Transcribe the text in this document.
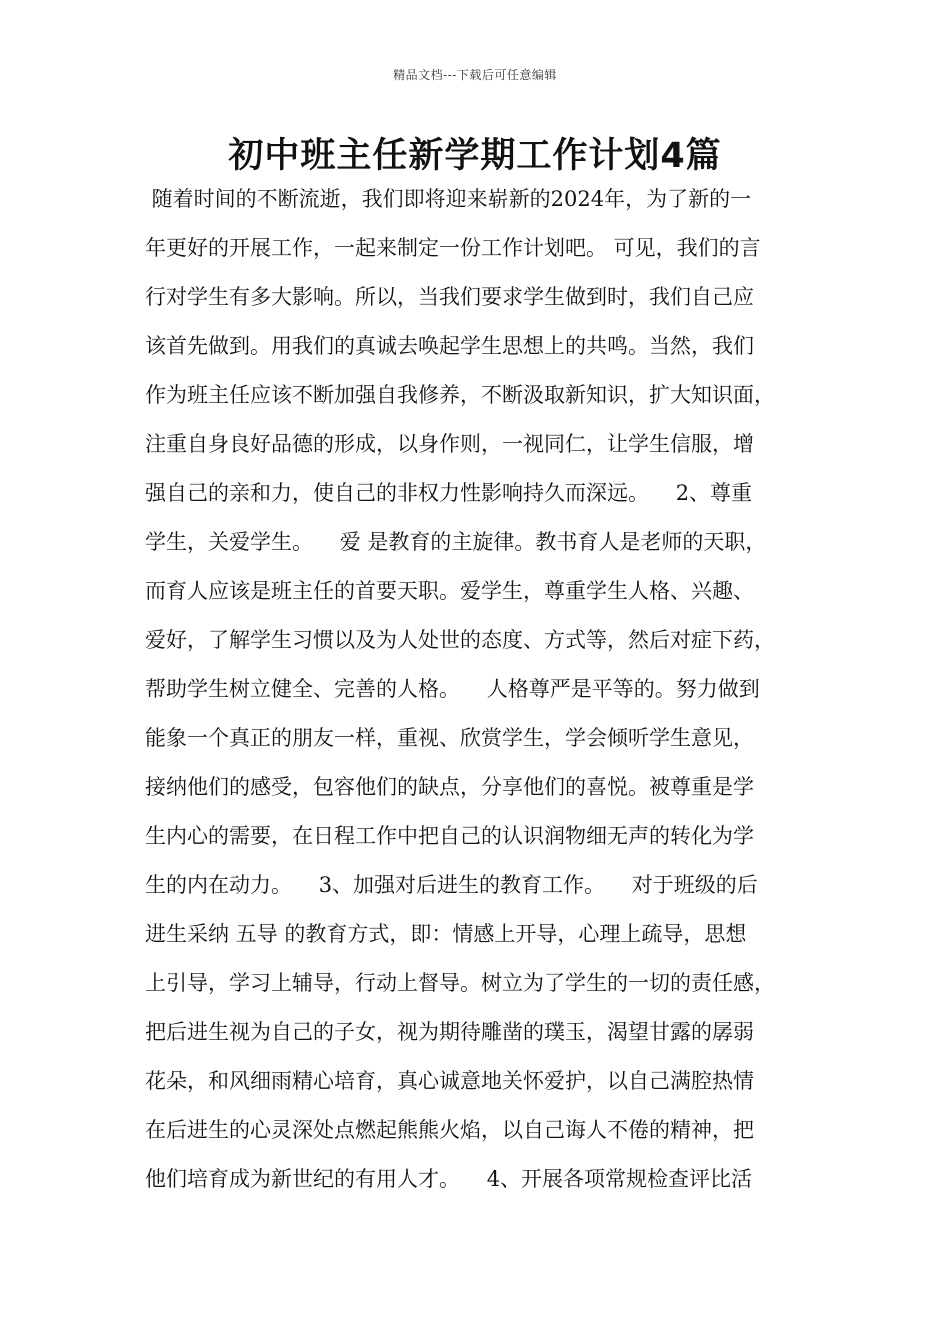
精品文档---下载后可任意编辑
初中班主任新学期工作计划4篇
随着时间的不断流逝，我们即将迎来崭新的2024年，为了新的一
年更好的开展工作，一起来制定一份工作计划吧。 可见，我们的言
行对学生有多大影响。所以，当我们要求学生做到时，我们自己应
该首先做到。用我们的真诚去唤起学生思想上的共鸣。当然，我们
作为班主任应该不断加强自我修养，不断汲取新知识，扩大知识面，
注重自身良好品德的形成，以身作则，一视同仁，让学生信服，增
强自己的亲和力，使自己的非权力性影响持久而深远。    2、尊重
学生，关爱学生。    爱 是教育的主旋律。教书育人是老师的天职，
而育人应该是班主任的首要天职。爱学生，尊重学生人格、兴趣、
爱好，了解学生习惯以及为人处世的态度、方式等，然后对症下药，
帮助学生树立健全、完善的人格。    人格尊严是平等的。努力做到
能象一个真正的朋友一样，重视、欣赏学生，学会倾听学生意见，
接纳他们的感受，包容他们的缺点，分享他们的喜悦。被尊重是学
生内心的需要，在日程工作中把自己的认识润物细无声的转化为学
生的内在动力。    3、加强对后进生的教育工作。    对于班级的后
进生采纳 五导 的教育方式，即：情感上开导，心理上疏导，思想
上引导，学习上辅导，行动上督导。树立为了学生的一切的责任感，
把后进生视为自己的子女，视为期待雕凿的璞玉，渴望甘露的孱弱
花朵，和风细雨精心培育，真心诚意地关怀爱护，以自己满腔热情
在后进生的心灵深处点燃起熊熊火焰，以自己诲人不倦的精神，把
他们培育成为新世纪的有用人才。    4、开展各项常规检查评比活
